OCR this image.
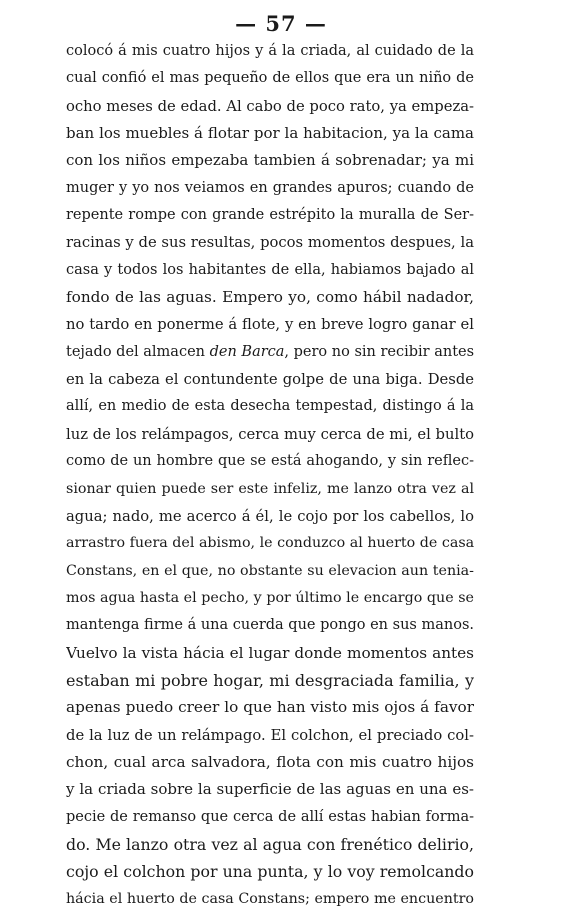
— 57 —
colocó á mis cuatro hijos y á la criada, al cuidado de la
cual confió el mas pequeño de ellos que era un niño de
ocho meses de edad. Al cabo de poco rato, ya empeza-
ban los muebles á flotar por la habitacion, ya la cama
con los niños empezaba tambien á sobrenadar; ya mi
muger y yo nos veiamos en grandes apuros; cuando de
repente rompe con grande estrépito la muralla de Ser-
racinas y de sus resultas, pocos momentos despues, la
casa y todos los habitantes de ella, habiamos bajado al
fondo de las aguas. Empero yo, como hábil nadador,
no tardo en ponerme á flote, y en breve logro ganar el
tejado del almacen den Barca, pero no sin recibir antes
en la cabeza el contundente golpe de una biga. Desde
allí, en medio de esta desecha tempestad, distingo á la
luz de los relámpagos, cerca muy cerca de mi, el bulto
como de un hombre que se está ahogando, y sin reflec-
sionar quien puede ser este infeliz, me lanzo otra vez al
agua; nado, me acerco á él, le cojo por los cabellos, lo
arrastro fuera del abismo, le conduzco al huerto de casa
Constans, en el que, no obstante su elevacion aun tenia-
mos agua hasta el pecho, y por último le encargo que se
mantenga firme á una cuerda que pongo en sus manos.
Vuelvo la vista hácia el lugar donde momentos antes
estaban mi pobre hogar, mi desgraciada familia, y
apenas puedo creer lo que han visto mis ojos á favor
de la luz de un relámpago. El colchon, el preciado col-
chon, cual arca salvadora, flota con mis cuatro hijos
y la criada sobre la superficie de las aguas en una es-
pecie de remanso que cerca de allí estas habian forma-
do. Me lanzo otra vez al agua con frenético delirio,
cojo el colchon por una punta, y lo voy remolcando
hácia el huerto de casa Constans; empero me encuentro
